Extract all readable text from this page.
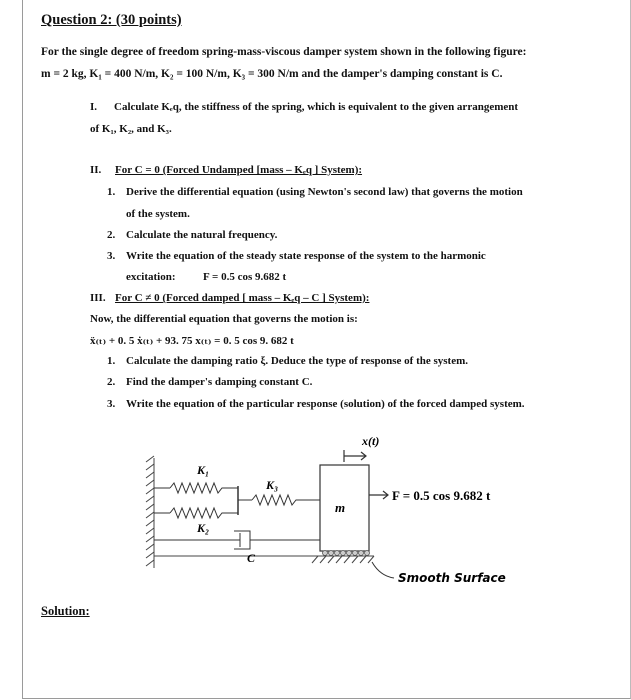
Question 2: (30 points)
For the single degree of freedom spring-mass-viscous damper system shown in the following figure:
m = 2 kg, K₁ = 400 N/m, K₂ = 100 N/m, K₃ = 300 N/m and the damper's damping constant is C.
I. Calculate Kₑq, the stiffness of the spring, which is equivalent to the given arrangement
of K₁, K₂, and K₃.
II. For C = 0 (Forced Undamped [mass – Kₑq ] System):
1. Derive the differential equation (using Newton's second law) that governs the motion
of the system.
2. Calculate the natural frequency.
3. Write the equation of the steady state response of the system to the harmonic
excitation:	F = 0.5 cos 9.682 t
III. For C ≠ 0 (Forced damped [ mass – Kₑq – C ] System):
Now, the differential equation that governs the motion is:
ẍ₍ₜ₎ + 0. 5 ẋ₍ₜ₎ + 93. 75 x₍ₜ₎ = 0. 5 cos 9. 682 t
1. Calculate the damping ratio ξ. Deduce the type of response of the system.
2. Find the damper's damping constant C.
3. Write the equation of the particular response (solution) of the forced damped system.
K₁
K₃
K₂
C
m
x(t)
F = 0.5 cos 9.682 t
Smooth Surface
Solution:
